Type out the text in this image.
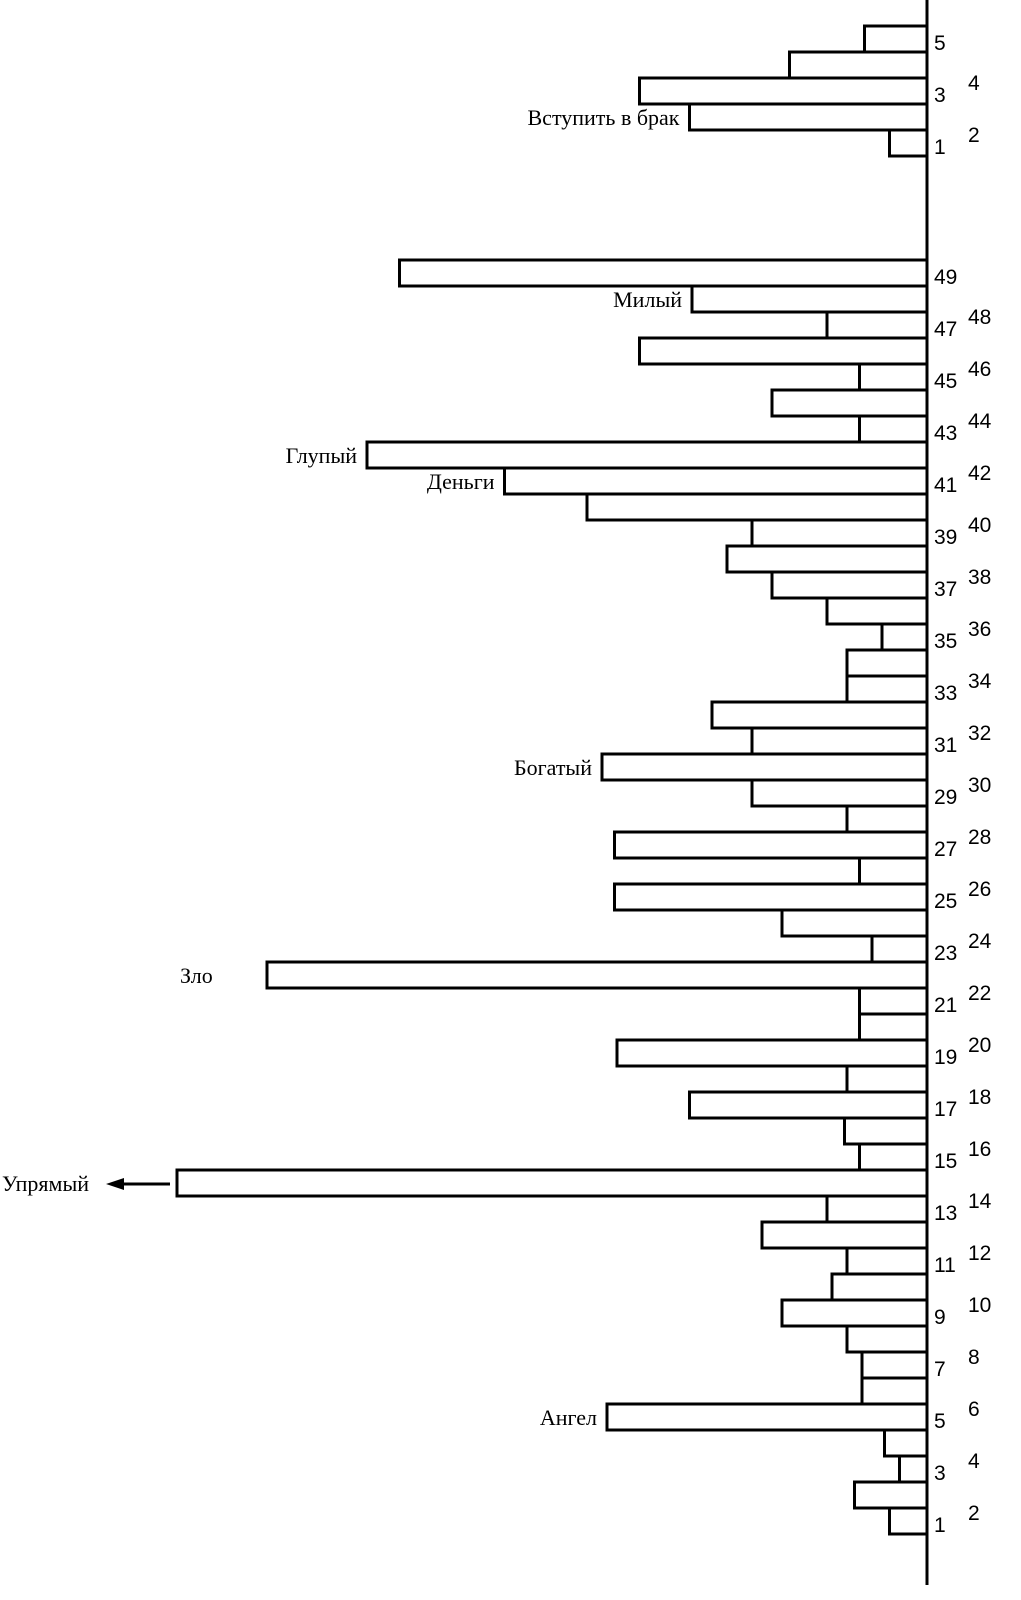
1
2
3
4
5
1
2
3
4
5
6
7
8
9
10
11
12
13
14
15
16
17
18
19
20
21
22
23
24
25
26
27
28
29
30
31
32
33
34
35
36
37
38
39
40
41
42
43
44
45
46
47
48
49
Вступить в брак
Ангел
Упрямый
Зло
Богатый
Деньги
Глупый
Милый
